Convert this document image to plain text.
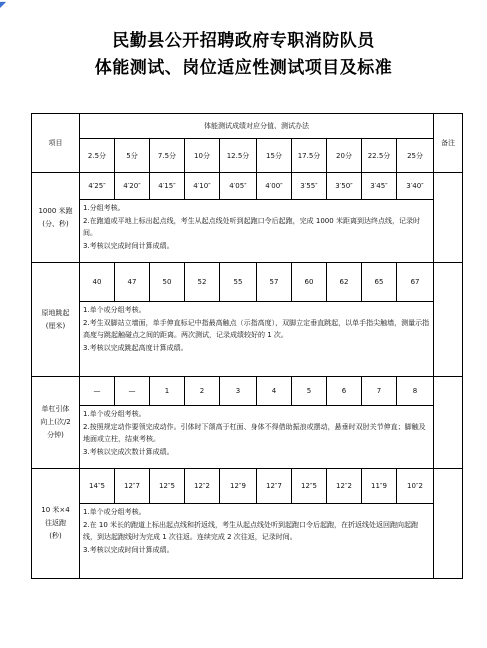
◤
民勤县公开招聘政府专职消防队员
体能测试、岗位适应性测试项目及标准
项目	体能测试成绩对应分值、测试办法										备注
	2.5分	5分	7.5分	10分	12.5分	15分	17.5分	20分	22.5分	25分	

1000 米跑
(分、秒)	4′25″	4′20″	4′15″	4′10″	4′05″	4′00″	3′55″	3′50″	3′45″	3′40″	

	1.分组考核。

2.在跑道或平地上标出起点线，考生从起点线处听到起跑口令后起跑，完成 1000 米距离到达终点线，记录时间。

3.考核以完成时间计算成绩。										

原地跳起
(厘米)	40	47	50	52	55	57	60	62	65	67	

	1.单个或分组考核。

2.考生双脚站立墙面，单手伸直标记中指最高触点（示指高度），双脚立定垂直跳起，以单手指尖触墙，测量示指高度与跳起触碰点之间的距离。两次测试，记录成绩较好的 1 次。

3.考核以完成跳起高度计算成绩。										

单杠引体
向上(次/2
分钟)	—	—	1	2	3	4	5	6	7	8	

	1.单个或分组考核。

2.按照规定动作要领完成动作。引体时下颌高于杠面、身体不得借助振浪或摆动，悬垂时双肘关节伸直；脚触及地面或立柱，结束考核。

3.考核以完成次数计算成绩。										

10 米×4
往返跑
(秒)	14″5	12″7	12″5	12″2	12″9	12″7	12″5	12″2	11″9	10″2	

	1.单个或分组考核。

2.在 10 米长的跑道上标出起点线和折返线，考生从起点线处听到起跑口令后起跑，在折返线处返回跑向起跑线，到达起跑线时为完成 1 次往返。连续完成 2 次往返，记录时间。

3.考核以完成时间计算成绩。										
